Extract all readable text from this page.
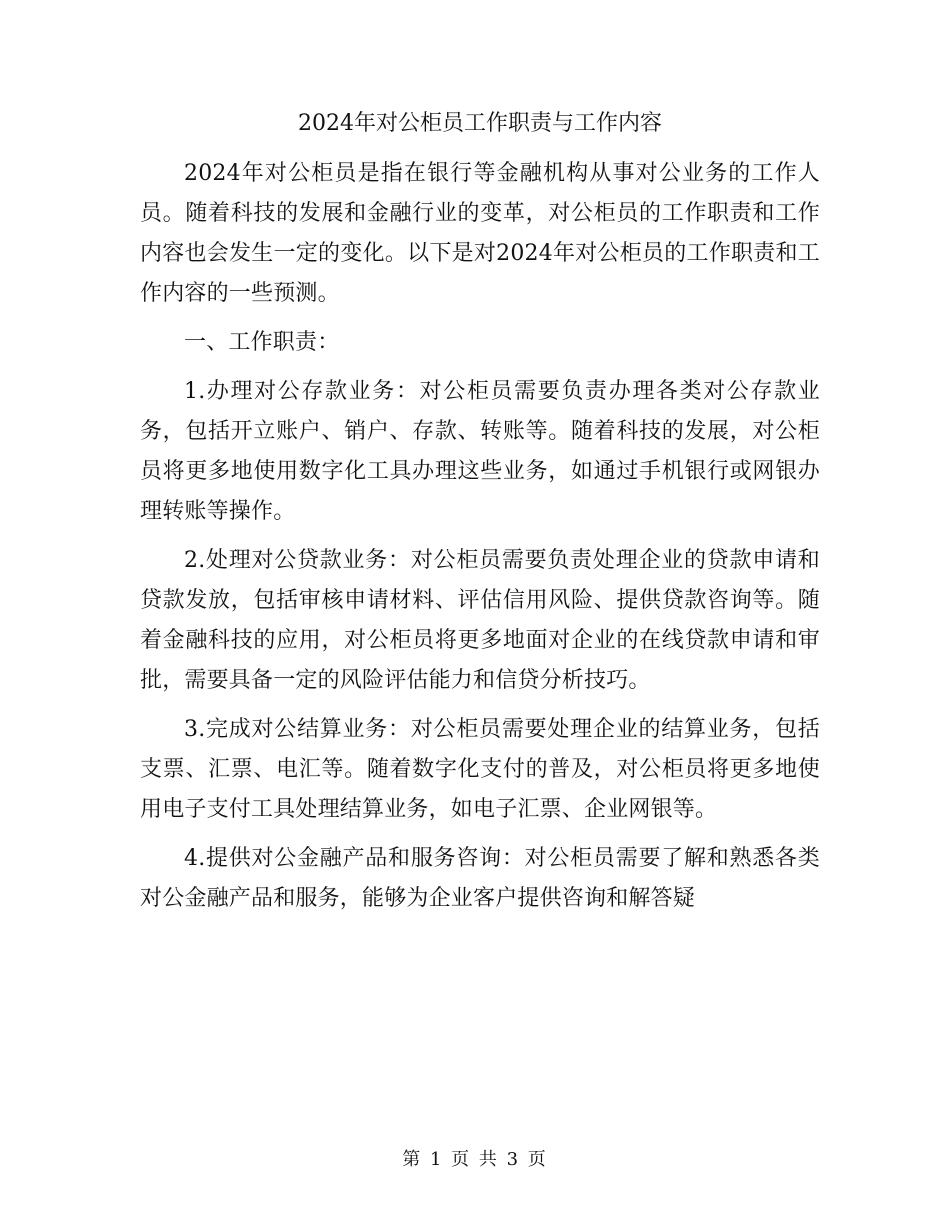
2024年对公柜员工作职责与工作内容

2024年对公柜员是指在银行等金融机构从事对公业务的工作人员。随着科技的发展和金融行业的变革，对公柜员的工作职责和工作内容也会发生一定的变化。以下是对2024年对公柜员的工作职责和工作内容的一些预测。

一、工作职责：

1.办理对公存款业务：对公柜员需要负责办理各类对公存款业务，包括开立账户、销户、存款、转账等。随着科技的发展，对公柜员将更多地使用数字化工具办理这些业务，如通过手机银行或网银办理转账等操作。

2.处理对公贷款业务：对公柜员需要负责处理企业的贷款申请和贷款发放，包括审核申请材料、评估信用风险、提供贷款咨询等。随着金融科技的应用，对公柜员将更多地面对企业的在线贷款申请和审批，需要具备一定的风险评估能力和信贷分析技巧。

3.完成对公结算业务：对公柜员需要处理企业的结算业务，包括支票、汇票、电汇等。随着数字化支付的普及，对公柜员将更多地使用电子支付工具处理结算业务，如电子汇票、企业网银等。

4.提供对公金融产品和服务咨询：对公柜员需要了解和熟悉各类对公金融产品和服务，能够为企业客户提供咨询和解答疑

第 1 页 共 3 页
